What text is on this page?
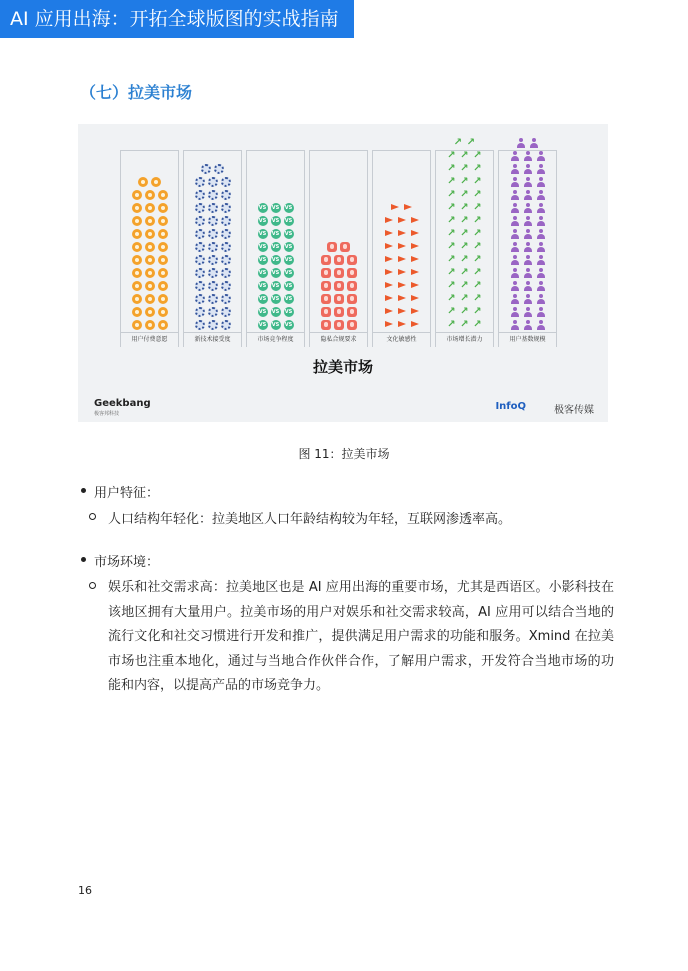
AI 应用出海：开拓全球版图的实战指南
（七）拉美市场
用户付费意愿	新技术接受度
VS VS VS
VS VS VS
VS VS VS
VS VS VS
VS VS VS
VS VS VS
VS VS VS
VS VS VS
VS VS VS
VS VS VS
市场竞争程度	隐私合规要求	文化敏感性
↗ ↗ ↗
↗ ↗ ↗
↗ ↗ ↗
↗ ↗ ↗
↗ ↗ ↗
↗ ↗ ↗
↗ ↗ ↗
↗ ↗ ↗
↗ ↗ ↗
↗ ↗ ↗
↗ ↗ ↗
↗ ↗ ↗
↗ ↗ ↗
↗ ↗ ↗
↗ ↗
市场增长潜力	用户基数规模
拉美市场
Geekbang
极客邦科技
InfoQ	极客传媒
图 11：拉美市场
用户特征：
人口结构年轻化：拉美地区人口年龄结构较为年轻，互联网渗透率高。
市场环境：
娱乐和社交需求高：拉美地区也是 AI 应用出海的重要市场，尤其是西语区。小影科技在该地区拥有大量用户。拉美市场的用户对娱乐和社交需求较高，AI 应用可以结合当地的流行文化和社交习惯进行开发和推广，提供满足用户需求的功能和服务。Xmind 在拉美市场也注重本地化，通过与当地合作伙伴合作，了解用户需求，开发符合当地市场的功能和内容，以提高产品的市场竞争力。
16
